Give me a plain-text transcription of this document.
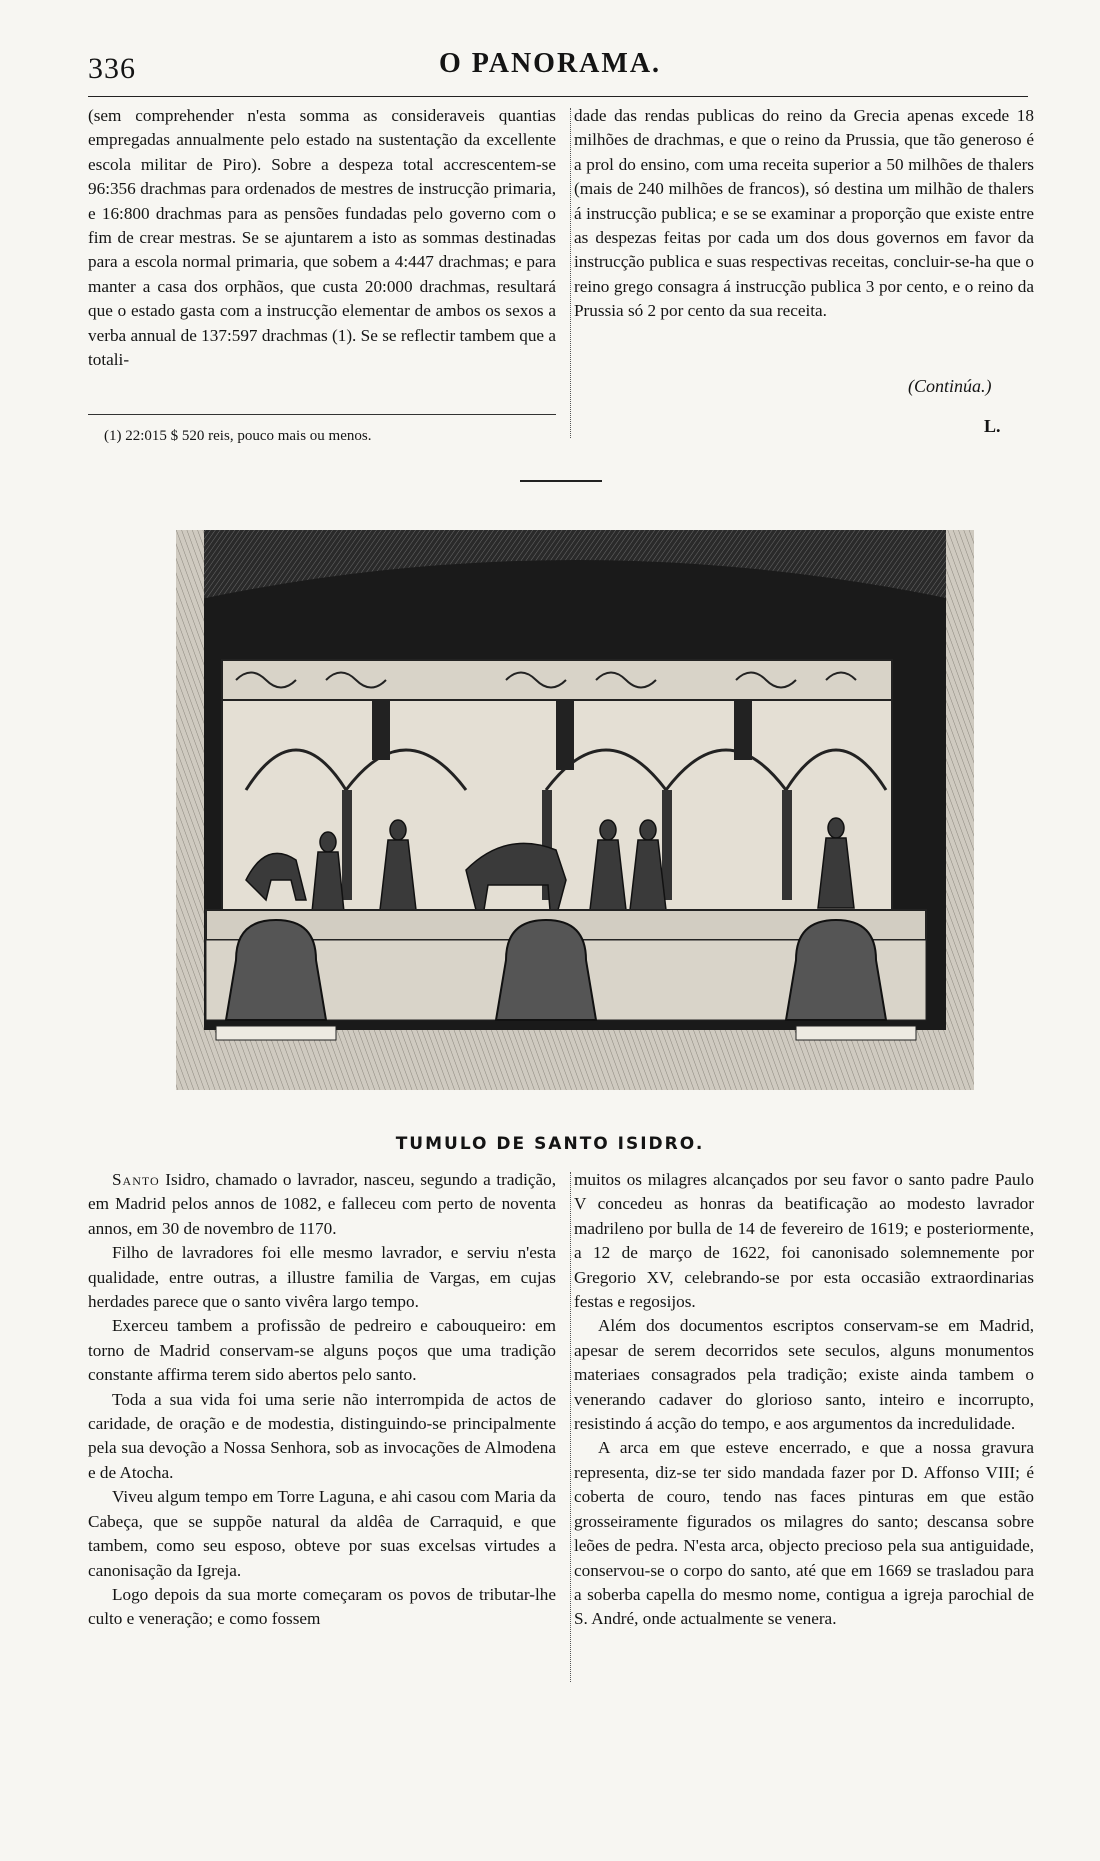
336	O PANORAMA.

(sem comprehender n'esta somma as consideraveis quantias empregadas annualmente pelo estado na sustentação da excellente escola militar de Piro). Sobre a despeza total accrescentem-se 96:356 drachmas para ordenados de mestres de instrucção primaria, e 16:800 drachmas para as pensões fundadas pelo governo com o fim de crear mestras. Se se ajuntarem a isto as sommas destinadas para a escola normal primaria, que sobem a 4:447 drachmas; e para manter a casa dos orphãos, que custa 20:000 drachmas, resultará que o estado gasta com a instrucção elementar de ambos os sexos a verba annual de 137:597 drachmas (1). Se se reflectir tambem que a totali-

(1) 22:015 $ 520 reis, pouco mais ou menos.

dade das rendas publicas do reino da Grecia apenas excede 18 milhões de drachmas, e que o reino da Prussia, que tão generoso é a prol do ensino, com uma receita superior a 50 milhões de thalers (mais de 240 milhões de francos), só destina um milhão de thalers á instrucção publica; e se se examinar a proporção que existe entre as despezas feitas por cada um dos dous governos em favor da instrucção publica e suas respectivas receitas, concluir-se-ha que o reino grego consagra á instrucção publica 3 por cento, e o reino da Prussia só 2 por cento da sua receita.

(Continúa.)
L.
TUMULO DE SANTO ISIDRO.

Santo Isidro, chamado o lavrador, nasceu, segundo a tradição, em Madrid pelos annos de 1082, e falleceu com perto de noventa annos, em 30 de novembro de 1170.

Filho de lavradores foi elle mesmo lavrador, e serviu n'esta qualidade, entre outras, a illustre familia de Vargas, em cujas herdades parece que o santo vivêra largo tempo.

Exerceu tambem a profissão de pedreiro e cabouqueiro: em torno de Madrid conservam-se alguns poços que uma tradição constante affirma terem sido abertos pelo santo.

Toda a sua vida foi uma serie não interrompida de actos de caridade, de oração e de modestia, distinguindo-se principalmente pela sua devoção a Nossa Senhora, sob as invocações de Almodena e de Atocha.

Viveu algum tempo em Torre Laguna, e ahi casou com Maria da Cabeça, que se suppõe natural da aldêa de Carraquid, e que tambem, como seu esposo, obteve por suas excelsas virtudes a canonisação da Igreja.

Logo depois da sua morte começaram os povos de tributar-lhe culto e veneração; e como fossem

muitos os milagres alcançados por seu favor o santo padre Paulo V concedeu as honras da beatificação ao modesto lavrador madrileno por bulla de 14 de fevereiro de 1619; e posteriormente, a 12 de março de 1622, foi canonisado solemnemente por Gregorio XV, celebrando-se por esta occasião extraordinarias festas e regosijos.

Além dos documentos escriptos conservam-se em Madrid, apesar de serem decorridos sete seculos, alguns monumentos materiaes consagrados pela tradição; existe ainda tambem o venerando cadaver do glorioso santo, inteiro e incorrupto, resistindo á acção do tempo, e aos argumentos da incredulidade.

A arca em que esteve encerrado, e que a nossa gravura representa, diz-se ter sido mandada fazer por D. Affonso VIII; é coberta de couro, tendo nas faces pinturas em que estão grosseiramente figurados os milagres do santo; descansa sobre leões de pedra. N'esta arca, objecto precioso pela sua antiguidade, conservou-se o corpo do santo, até que em 1669 se trasladou para a soberba capella do mesmo nome, contigua a igreja parochial de S. André, onde actualmente se venera.
